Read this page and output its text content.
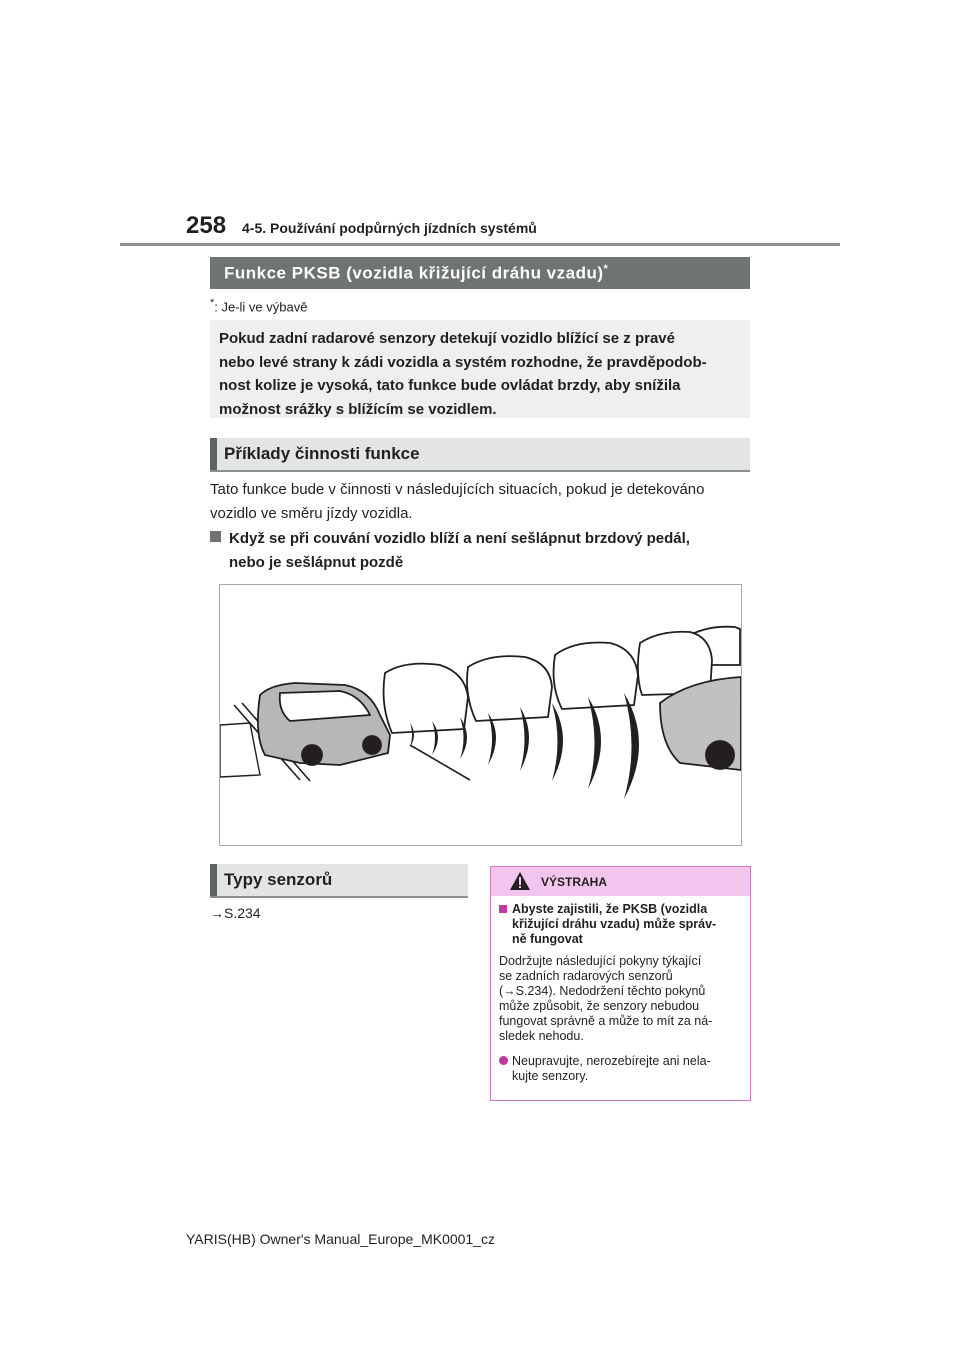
258 4-5. Používání podpůrných jízdních systémů
Funkce PKSB (vozidla křižující dráhu vzadu)*
*: Je-li ve výbavě
Pokud zadní radarové senzory detekují vozidlo blížící se z pravé
nebo levé strany k zádi vozidla a systém rozhodne, že pravděpodob-
nost kolize je vysoká, tato funkce bude ovládat brzdy, aby snížila
možnost srážky s blížícím se vozidlem.
Příklady činnosti funkce
Tato funkce bude v činnosti v následujících situacích, pokud je detekováno
vozidlo ve směru jízdy vozidla.
Když se při couvání vozidlo blíží a není sešlápnut brzdový pedál,
nebo je sešlápnut pozdě
Typy senzorů
→S.234
VÝSTRAHA
Abyste zajistili, že PKSB (vozidla
křižující dráhu vzadu) může správ-
ně fungovat
Dodržujte následující pokyny týkající
se zadních radarových senzorů
(→S.234). Nedodržení těchto pokynů
může způsobit, že senzory nebudou
fungovat správně a může to mít za ná-
sledek nehodu.
Neupravujte, nerozebírejte ani nela-
kujte senzory.
YARIS(HB) Owner's Manual_Europe_MK0001_cz
